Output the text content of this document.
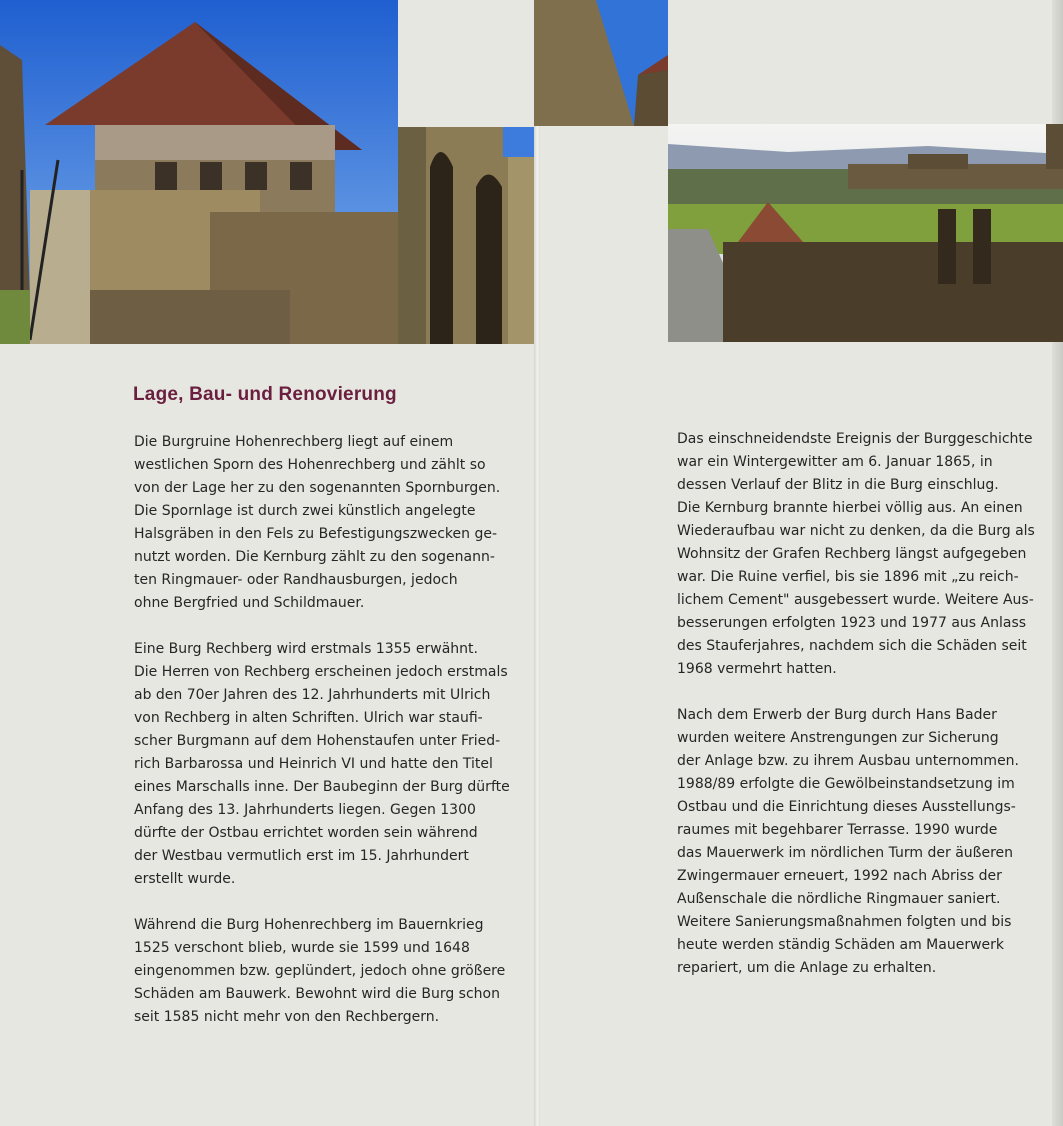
Lage, Bau- und Renovierung

Die Burgruine Hohenrechberg liegt auf einem
westlichen Sporn des Hohenrechberg und zählt so
von der Lage her zu den sogenannten Spornburgen.
Die Spornlage ist durch zwei künstlich angelegte
Halsgräben in den Fels zu Befestigungszwecken ge-
nutzt worden. Die Kernburg zählt zu den sogenann-
ten Ringmauer- oder Randhausburgen, jedoch
ohne Bergfried und Schildmauer.

Eine Burg Rechberg wird erstmals 1355 erwähnt.
Die Herren von Rechberg erscheinen jedoch erstmals
ab den 70er Jahren des 12. Jahrhunderts mit Ulrich
von Rechberg in alten Schriften. Ulrich war staufi-
scher Burgmann auf dem Hohenstaufen unter Fried-
rich Barbarossa und Heinrich VI und hatte den Titel
eines Marschalls inne. Der Baubeginn der Burg dürfte
Anfang des 13. Jahrhunderts liegen. Gegen 1300
dürfte der Ostbau errichtet worden sein während
der Westbau vermutlich erst im 15. Jahrhundert
erstellt wurde.

Während die Burg Hohenrechberg im Bauernkrieg
1525 verschont blieb, wurde sie 1599 und 1648
eingenommen bzw. geplündert, jedoch ohne größere
Schäden am Bauwerk. Bewohnt wird die Burg schon
seit 1585 nicht mehr von den Rechbergern.

Das einschneidendste Ereignis der Burggeschichte
war ein Wintergewitter am 6. Januar 1865, in
dessen Verlauf der Blitz in die Burg einschlug.
Die Kernburg brannte hierbei völlig aus. An einen
Wiederaufbau war nicht zu denken, da die Burg als
Wohnsitz der Grafen Rechberg längst aufgegeben
war. Die Ruine verfiel, bis sie 1896 mit „zu reich-
lichem Cement" ausgebessert wurde. Weitere Aus-
besserungen erfolgten 1923 und 1977 aus Anlass
des Stauferjahres, nachdem sich die Schäden seit
1968 vermehrt hatten.

Nach dem Erwerb der Burg durch Hans Bader
wurden weitere Anstrengungen zur Sicherung
der Anlage bzw. zu ihrem Ausbau unternommen.
1988/89 erfolgte die Gewölbeinstandsetzung im
Ostbau und die Einrichtung dieses Ausstellungs-
raumes mit begehbarer Terrasse. 1990 wurde
das Mauerwerk im nördlichen Turm der äußeren
Zwingermauer erneuert, 1992 nach Abriss der
Außenschale die nördliche Ringmauer saniert.
Weitere Sanierungsmaßnahmen folgten und bis
heute werden ständig Schäden am Mauerwerk
repariert, um die Anlage zu erhalten.
